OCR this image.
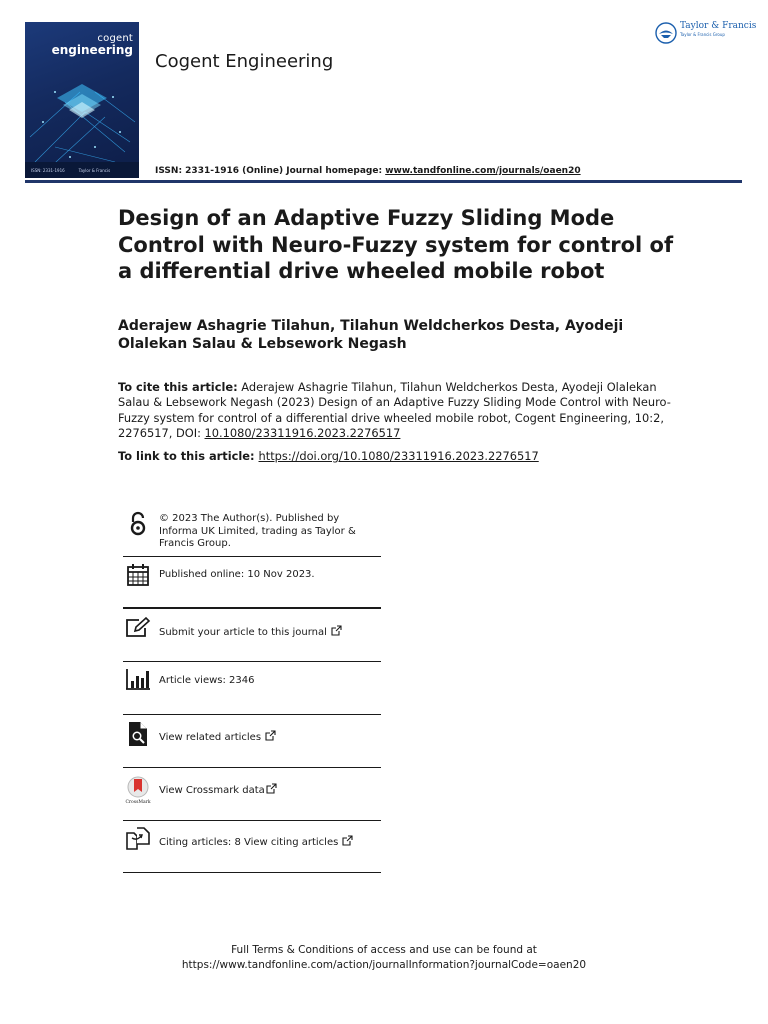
cogent
engineering
ISSN: 2331-1916	Taylor & Francis
Cogent Engineering
ISSN: 2331-1916 (Online) Journal homepage: www.tandfonline.com/journals/oaen20
Taylor & Francis
Taylor & Francis Group
Design of an Adaptive Fuzzy Sliding Mode Control with Neuro-Fuzzy system for control of a differential drive wheeled mobile robot
Aderajew Ashagrie Tilahun, Tilahun Weldcherkos Desta, Ayodeji Olalekan Salau & Lebsework Negash
To cite this article: Aderajew Ashagrie Tilahun, Tilahun Weldcherkos Desta, Ayodeji Olalekan Salau & Lebsework Negash (2023) Design of an Adaptive Fuzzy Sliding Mode Control with Neuro-Fuzzy system for control of a differential drive wheeled mobile robot, Cogent Engineering, 10:2, 2276517, DOI: 10.1080/23311916.2023.2276517
To link to this article: https://doi.org/10.1080/23311916.2023.2276517
© 2023 The Author(s). Published by Informa UK Limited, trading as Taylor & Francis Group.
Published online: 10 Nov 2023.
Submit your article to this journal
Article views: 2346
View related articles
CrossMark
View Crossmark data
Citing articles: 8 View citing articles
Full Terms & Conditions of access and use can be found at
https://www.tandfonline.com/action/journalInformation?journalCode=oaen20
